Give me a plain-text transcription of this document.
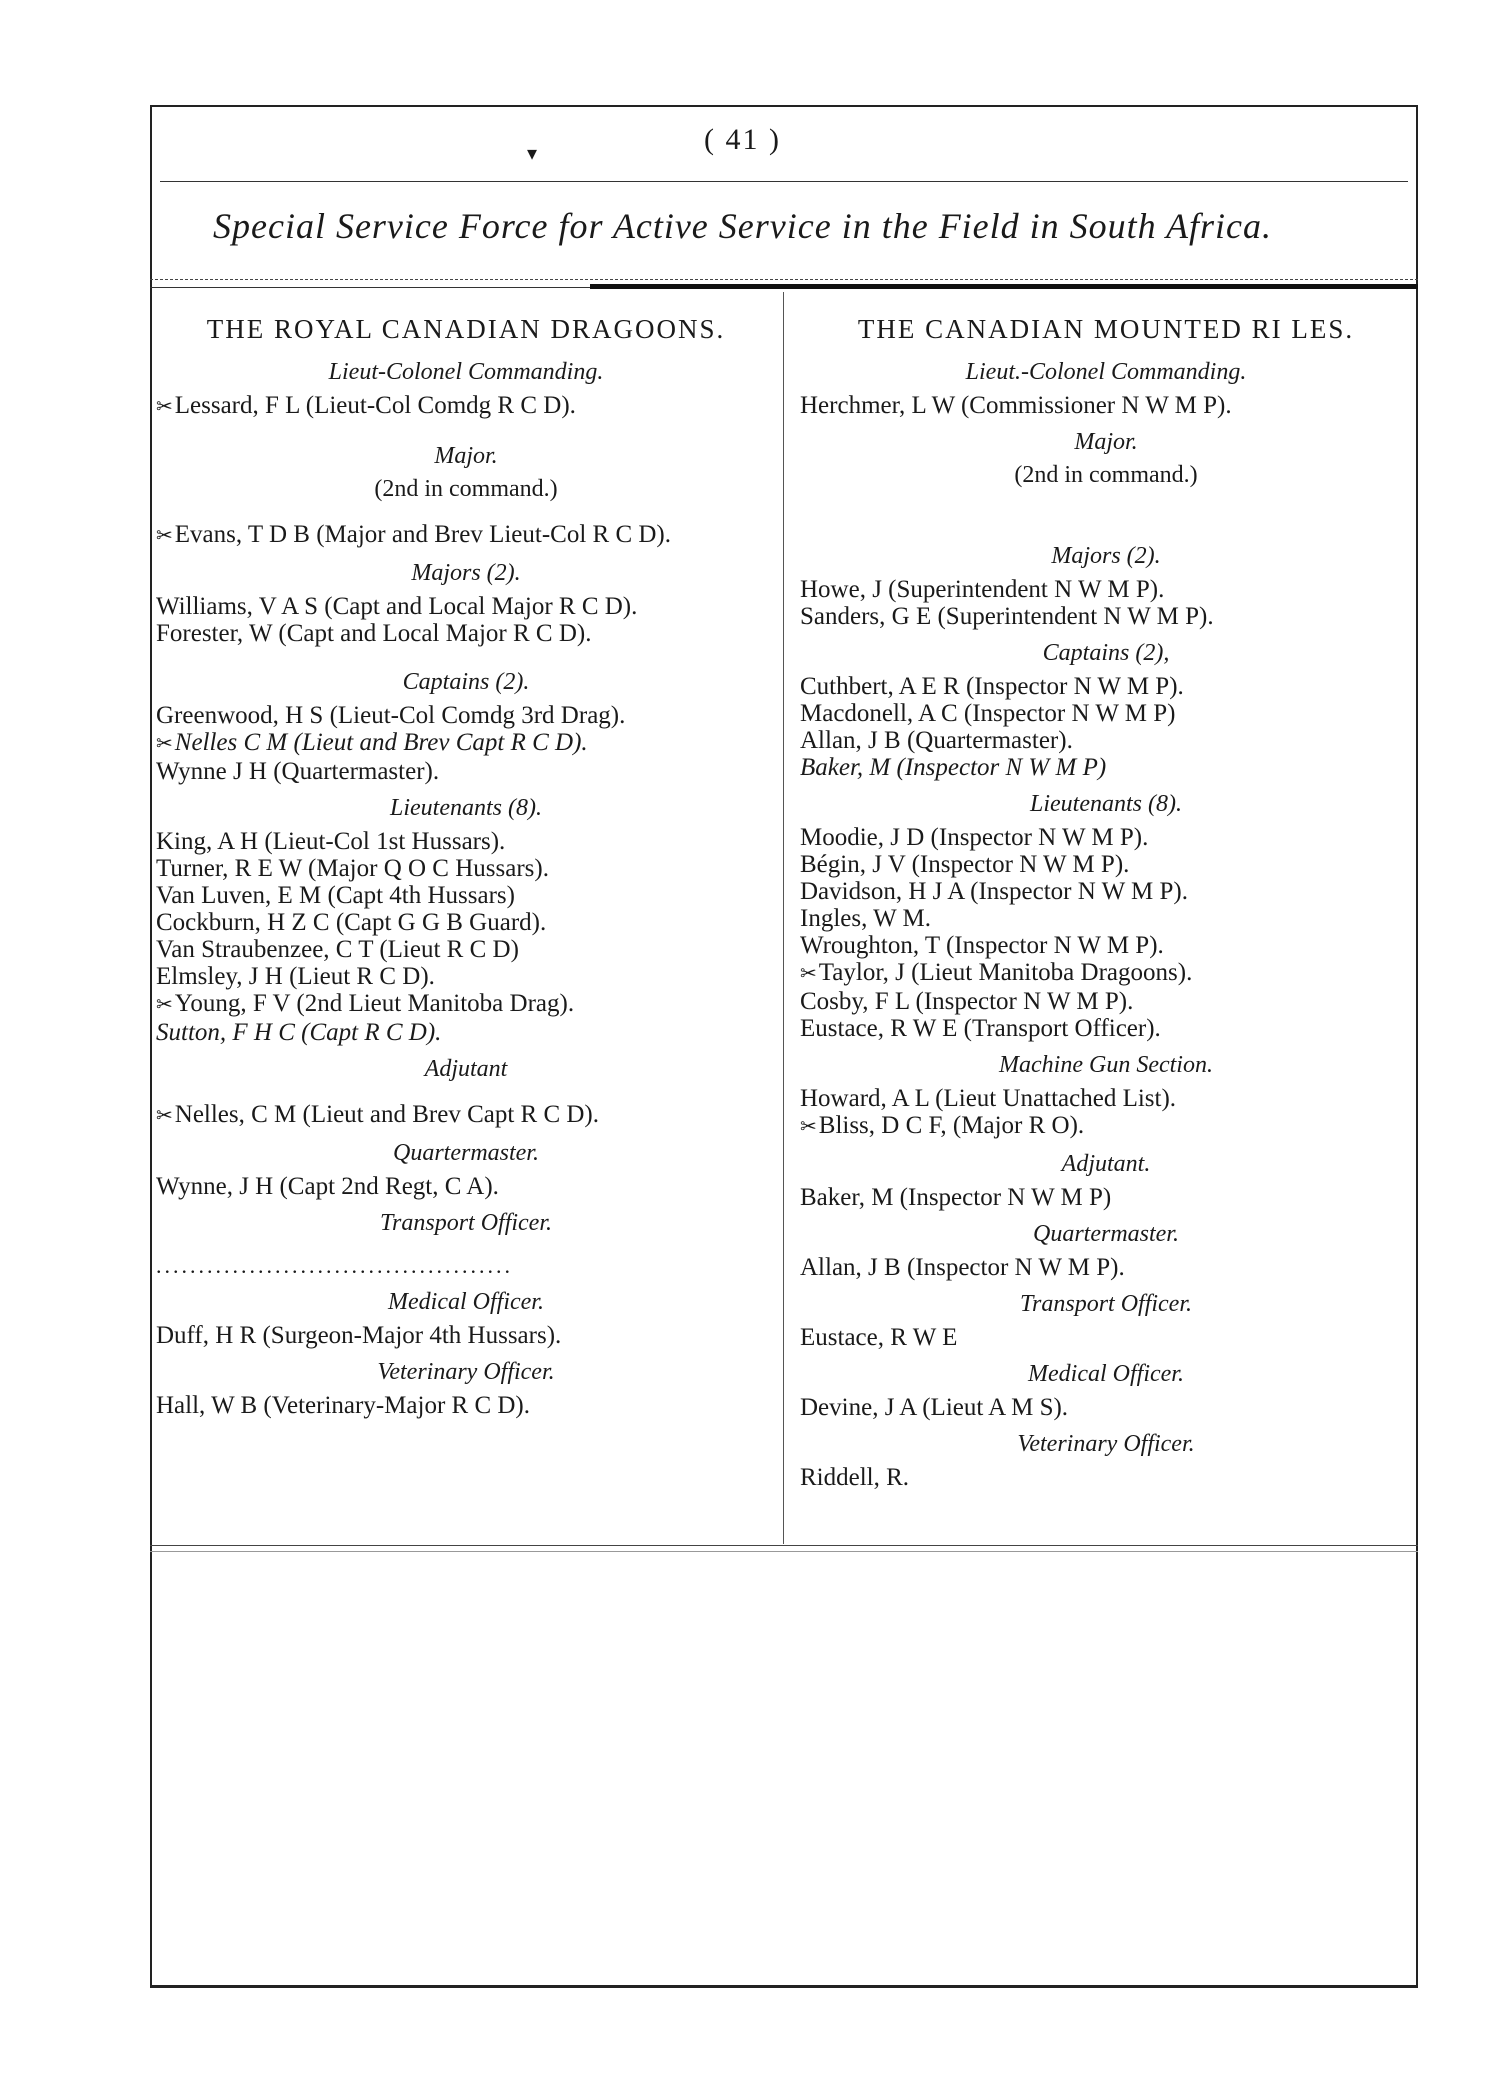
▾	( 41 )
Special Service Force for Active Service in the Field in South Africa.
THE ROYAL CANADIAN DRAGOONS.
Lieut-Colonel Commanding.
✂Lessard, F L (Lieut-Col Comdg R C D).
Major.
(2nd in command.)
✂Evans, T D B (Major and Brev Lieut-Col R C D).
Majors (2).
Williams, V A S (Capt and Local Major R C D).
Forester, W (Capt and Local Major R C D).
Captains (2).
Greenwood, H S (Lieut-Col Comdg 3rd Drag).
✂Nelles C M (Lieut and Brev Capt R C D).
Wynne J H (Quartermaster).
Lieutenants (8).
King, A H (Lieut-Col 1st Hussars).
Turner, R E W (Major Q O C Hussars).
Van Luven, E M (Capt 4th Hussars)
Cockburn, H Z C (Capt G G B Guard).
Van Straubenzee, C T (Lieut R C D)
Elmsley, J H (Lieut R C D).
✂Young, F V (2nd Lieut Manitoba Drag).
Sutton, F H C (Capt R C D).
Adjutant
✂Nelles, C M (Lieut and Brev Capt R C D).
Quartermaster.
Wynne, J H (Capt 2nd Regt, C A).
Transport Officer.
..........................................
Medical Officer.
Duff, H R (Surgeon-Major 4th Hussars).
Veterinary Officer.
Hall, W B (Veterinary-Major R C D).
THE CANADIAN MOUNTED RI LES.
Lieut.-Colonel Commanding.
Herchmer, L W (Commissioner N W M P).
Major.
(2nd in command.)
Majors (2).
Howe, J (Superintendent N W M P).
Sanders, G E (Superintendent N W M P).
Captains (2),
Cuthbert, A E R (Inspector N W M P).
Macdonell, A C (Inspector N W M P)
Allan, J B (Quartermaster).
Baker, M (Inspector N W M P)
Lieutenants (8).
Moodie, J D (Inspector N W M P).
Bégin, J V (Inspector N W M P).
Davidson, H J A (Inspector N W M P).
Ingles, W M.
Wroughton, T (Inspector N W M P).
✂Taylor, J (Lieut Manitoba Dragoons).
Cosby, F L (Inspector N W M P).
Eustace, R W E (Transport Officer).
Machine Gun Section.
Howard, A L (Lieut Unattached List).
✂Bliss, D C F, (Major R O).
Adjutant.
Baker, M (Inspector N W M P)
Quartermaster.
Allan, J B (Inspector N W M P).
Transport Officer.
Eustace, R W E
Medical Officer.
Devine, J A (Lieut A M S).
Veterinary Officer.
Riddell, R.
